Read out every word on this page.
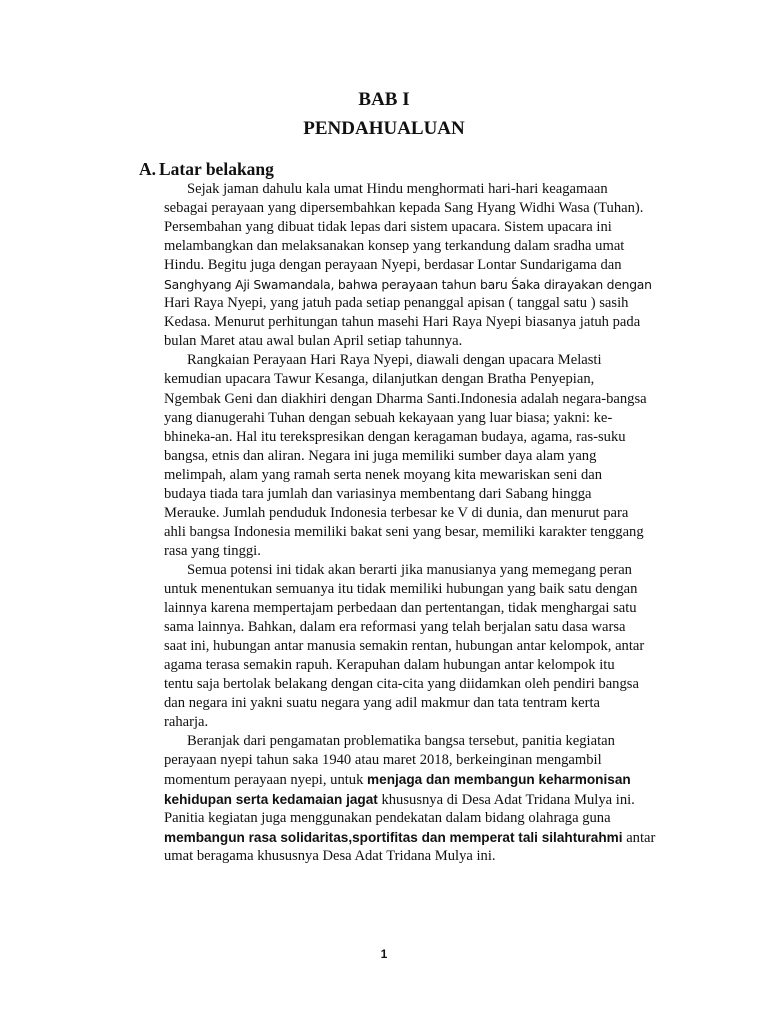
BAB I
PENDAHUALUAN
A. Latar belakang
Sejak jaman dahulu kala umat Hindu menghormati hari-hari keagamaan
sebagai perayaan yang dipersembahkan kepada Sang Hyang Widhi Wasa (Tuhan).
Persembahan yang dibuat tidak lepas dari sistem upacara. Sistem upacara ini
melambangkan dan melaksanakan konsep yang terkandung dalam sradha umat
Hindu. Begitu juga dengan perayaan Nyepi, berdasar Lontar Sundarigama dan
Sanghyang Aji Swamandala, bahwa perayaan tahun baru Śaka dirayakan dengan
Hari Raya Nyepi, yang jatuh pada setiap penanggal apisan ( tanggal satu ) sasih
Kedasa. Menurut perhitungan tahun masehi Hari Raya Nyepi biasanya jatuh pada
bulan Maret atau awal bulan April setiap tahunnya.
Rangkaian Perayaan Hari Raya Nyepi, diawali dengan upacara Melasti
kemudian upacara Tawur Kesanga, dilanjutkan dengan Bratha Penyepian,
Ngembak Geni dan diakhiri dengan Dharma Santi.Indonesia adalah negara-bangsa
yang dianugerahi Tuhan dengan sebuah kekayaan yang luar biasa; yakni: ke-
bhineka-an. Hal itu terekspresikan dengan keragaman budaya, agama, ras-suku
bangsa, etnis dan aliran. Negara ini juga memiliki sumber daya alam yang
melimpah, alam yang ramah serta nenek moyang kita mewariskan seni dan
budaya tiada tara jumlah dan variasinya membentang dari Sabang hingga
Merauke. Jumlah penduduk Indonesia terbesar ke V di dunia, dan menurut para
ahli bangsa Indonesia memiliki bakat seni yang besar, memiliki karakter tenggang
rasa yang tinggi.
Semua potensi ini tidak akan berarti jika manusianya yang memegang peran
untuk menentukan semuanya itu tidak memiliki hubungan yang baik satu dengan
lainnya karena mempertajam perbedaan dan pertentangan, tidak menghargai satu
sama lainnya. Bahkan, dalam era reformasi yang telah berjalan satu dasa warsa
saat ini, hubungan antar manusia semakin rentan, hubungan antar kelompok, antar
agama terasa semakin rapuh. Kerapuhan dalam hubungan antar kelompok itu
tentu saja bertolak belakang dengan cita-cita yang diidamkan oleh pendiri bangsa
dan negara ini yakni suatu negara yang adil makmur dan tata tentram kerta
raharja.
Beranjak dari pengamatan problematika bangsa tersebut, panitia kegiatan
perayaan nyepi tahun saka 1940 atau maret 2018, berkeinginan mengambil
momentum perayaan nyepi, untuk menjaga dan membangun keharmonisan
kehidupan serta kedamaian jagat khususnya di Desa Adat Tridana Mulya ini.
Panitia kegiatan juga menggunakan pendekatan dalam bidang olahraga guna
membangun rasa solidaritas,sportifitas dan memperat tali silahturahmi antar
umat beragama khususnya Desa Adat Tridana Mulya ini.
1
